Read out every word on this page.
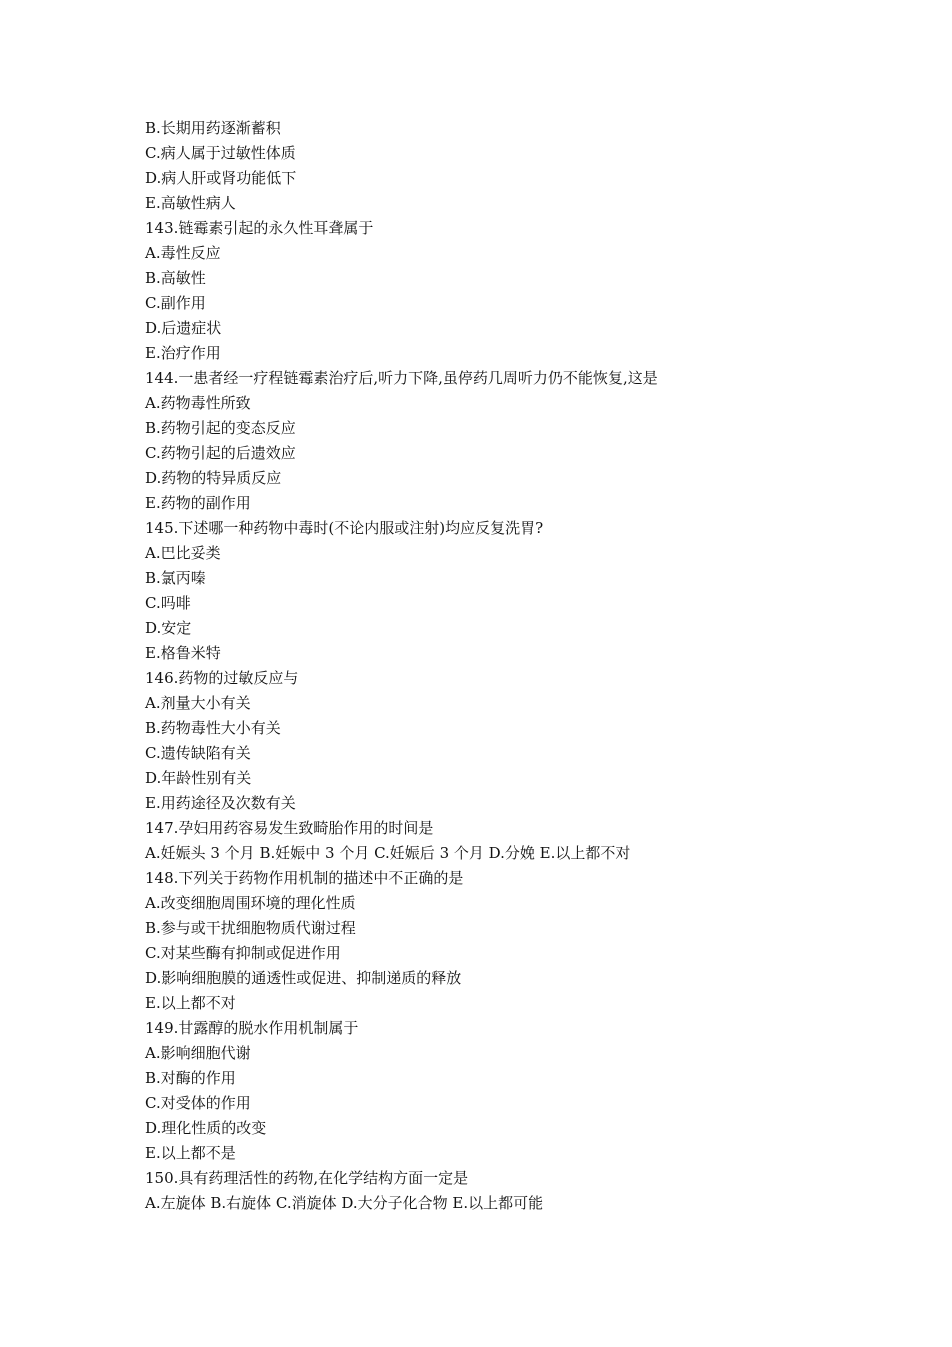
B.长期用药逐渐蓄积
C.病人属于过敏性体质
D.病人肝或肾功能低下
E.高敏性病人
143.链霉素引起的永久性耳聋属于
A.毒性反应
B.高敏性
C.副作用
D.后遗症状
E.治疗作用
144.一患者经一疗程链霉素治疗后,听力下降,虽停药几周听力仍不能恢复,这是
A.药物毒性所致
B.药物引起的变态反应
C.药物引起的后遗效应
D.药物的特异质反应
E.药物的副作用
145.下述哪一种药物中毒时(不论内服或注射)均应反复洗胃?
A.巴比妥类
B.氯丙嗪
C.吗啡
D.安定
E.格鲁米特
146.药物的过敏反应与
A.剂量大小有关
B.药物毒性大小有关
C.遗传缺陷有关
D.年龄性别有关
E.用药途径及次数有关
147.孕妇用药容易发生致畸胎作用的时间是
A.妊娠头 3 个月 B.妊娠中 3 个月 C.妊娠后 3 个月 D.分娩 E.以上都不对
148.下列关于药物作用机制的描述中不正确的是
A.改变细胞周围环境的理化性质
B.参与或干扰细胞物质代谢过程
C.对某些酶有抑制或促进作用
D.影响细胞膜的通透性或促进、抑制递质的释放
E.以上都不对
149.甘露醇的脱水作用机制属于
A.影响细胞代谢
B.对酶的作用
C.对受体的作用
D.理化性质的改变
E.以上都不是
150.具有药理活性的药物,在化学结构方面一定是
A.左旋体 B.右旋体 C.消旋体 D.大分子化合物 E.以上都可能
